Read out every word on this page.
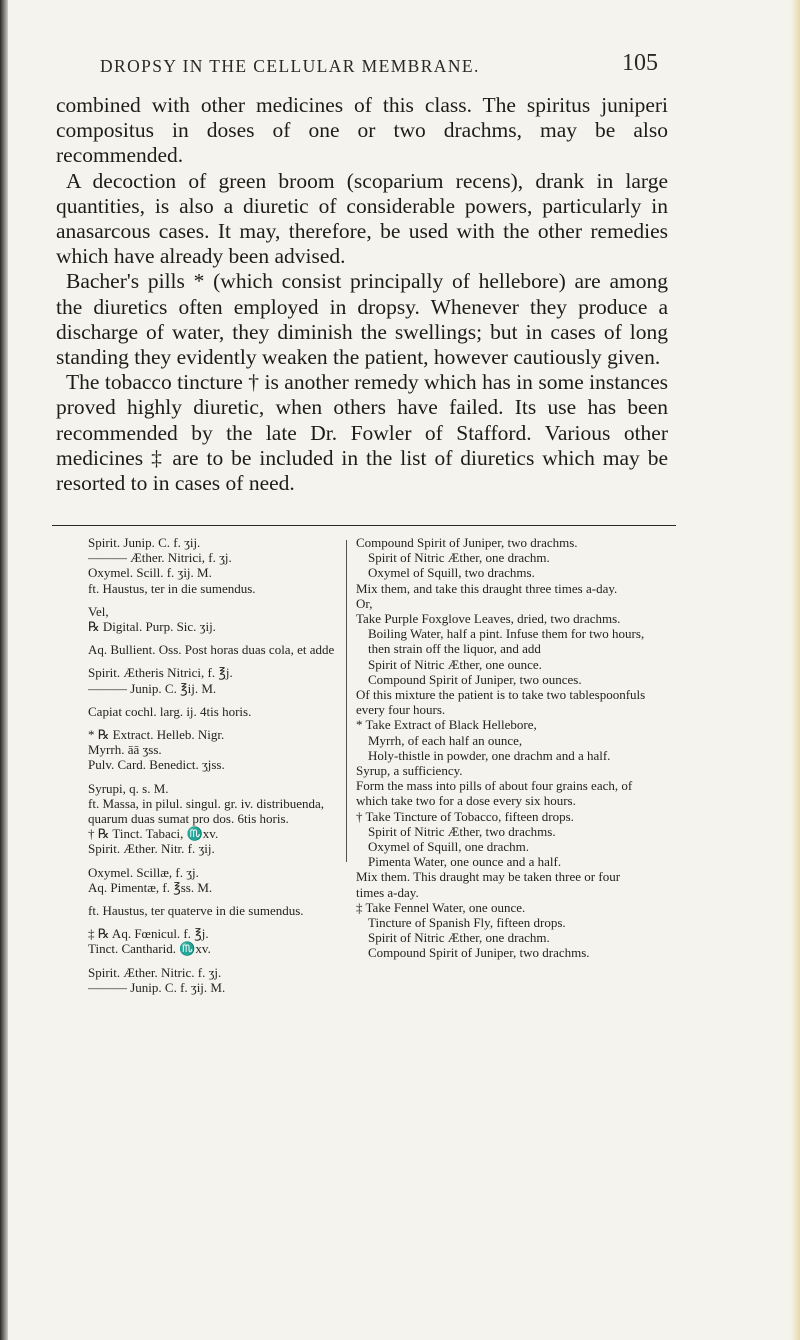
DROPSY IN THE CELLULAR MEMBRANE.	105

combined with other medicines of this class. The spiritus juniperi compositus in doses of one or two drachms, may be also recommended.

A decoction of green broom (scoparium recens), drank in large quantities, is also a diuretic of considerable powers, particularly in anasarcous cases. It may, therefore, be used with the other remedies which have already been advised.

Bacher's pills * (which consist principally of hellebore) are among the diuretics often employed in dropsy. Whenever they produce a discharge of water, they diminish the swellings; but in cases of long standing they evidently weaken the patient, however cautiously given.

The tobacco tincture † is another remedy which has in some instances proved highly diuretic, when others have failed. Its use has been recommended by the late Dr. Fowler of Stafford. Various other medicines ‡ are to be included in the list of diuretics which may be resorted to in cases of need.

Spirit. Junip. C. f. ʒij.
——— Æther. Nitrici, f. ʒj.
Oxymel. Scill. f. ʒij. M.
ft. Haustus, ter in die sumendus.
Vel,
℞ Digital. Purp. Sic. ʒij.
Aq. Bullient. Oss. Post horas duas cola, et adde
Spirit. Ætheris Nitrici, f. ℥j.
——— Junip. C. ℥ij. M.
Capiat cochl. larg. ij. 4tis horis.
* ℞ Extract. Helleb. Nigr.
Myrrh. āā ʒss.
Pulv. Card. Benedict. ʒjss.
Syrupi, q. s. M.
ft. Massa, in pilul. singul. gr. iv. distribuenda, quarum duas sumat pro dos. 6tis horis.
† ℞ Tinct. Tabaci, ♏xv.
Spirit. Æther. Nitr. f. ʒij.
Oxymel. Scillæ, f. ʒj.
Aq. Pimentæ, f. ℥ss. M.
ft. Haustus, ter quaterve in die sumendus.
‡ ℞ Aq. Fœnicul. f. ℥j.
Tinct. Cantharid. ♏xv.
Spirit. Æther. Nitric. f. ʒj.
——— Junip. C. f. ʒij. M.
Compound Spirit of Juniper, two drachms.
Spirit of Nitric Æther, one drachm.
Oxymel of Squill, two drachms.
Mix them, and take this draught three times a-day.
Or,
Take Purple Foxglove Leaves, dried, two drachms.
Boiling Water, half a pint. Infuse them for two hours, then strain off the liquor, and add
Spirit of Nitric Æther, one ounce.
Compound Spirit of Juniper, two ounces.
Of this mixture the patient is to take two tablespoonfuls every four hours.
* Take Extract of Black Hellebore,
Myrrh, of each half an ounce,
Holy-thistle in powder, one drachm and a half.
Syrup, a sufficiency.
Form the mass into pills of about four grains each, of which take two for a dose every six hours.
† Take Tincture of Tobacco, fifteen drops.
Spirit of Nitric Æther, two drachms.
Oxymel of Squill, one drachm.
Pimenta Water, one ounce and a half.
Mix them. This draught may be taken three or four times a-day.
‡ Take Fennel Water, one ounce.
Tincture of Spanish Fly, fifteen drops.
Spirit of Nitric Æther, one drachm.
Compound Spirit of Juniper, two drachms.
